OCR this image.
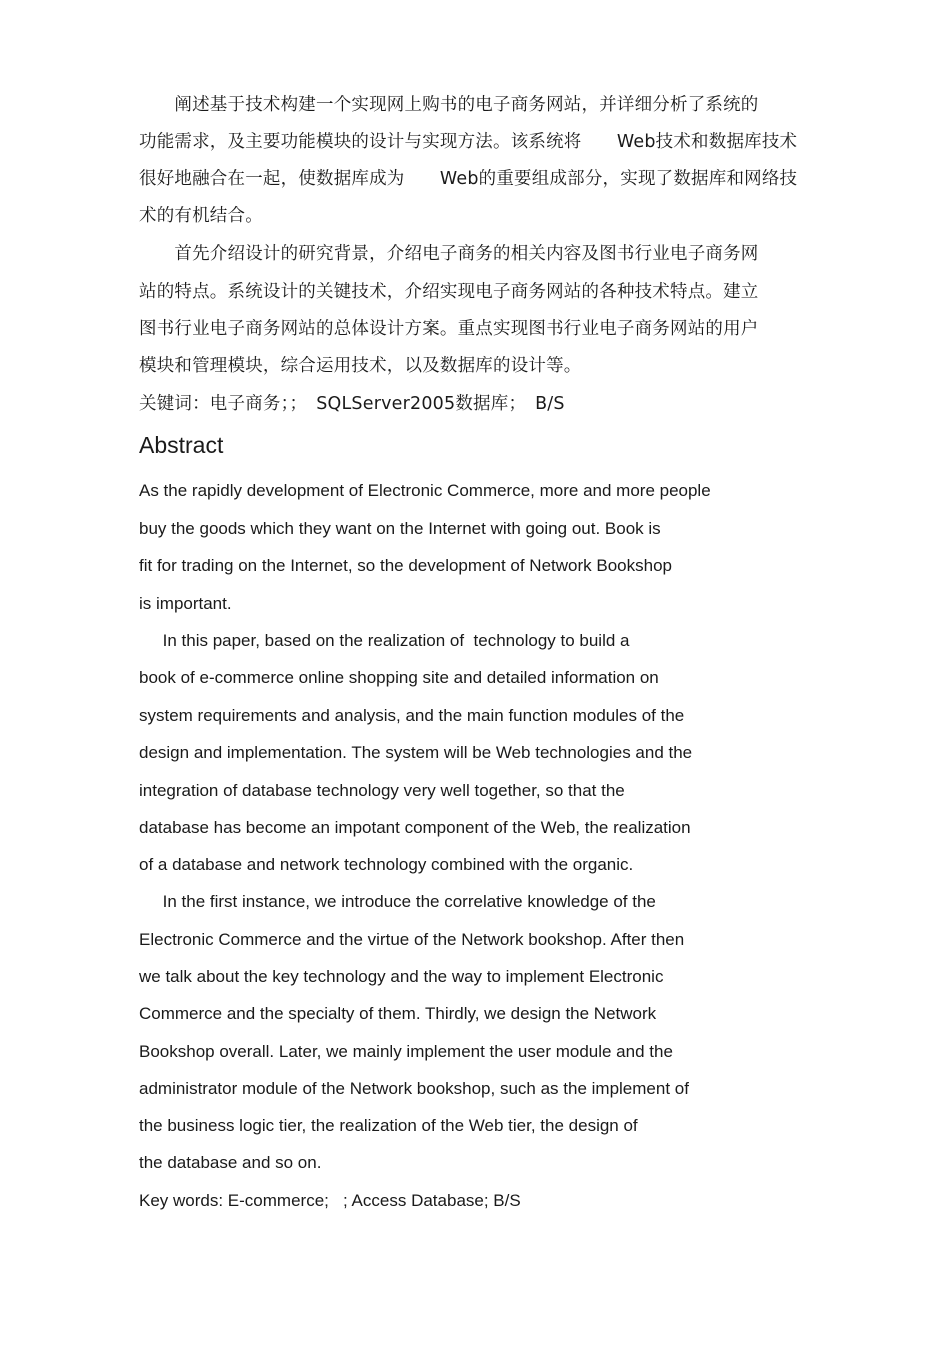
　　阐述基于技术构建一个实现网上购书的电子商务网站，并详细分析了系统的
功能需求，及主要功能模块的设计与实现方法。该系统将　　Web技术和数据库技术
很好地融合在一起，使数据库成为　　Web的重要组成部分，实现了数据库和网络技
术的有机结合。
　　首先介绍设计的研究背景，介绍电子商务的相关内容及图书行业电子商务网
站的特点。系统设计的关键技术，介绍实现电子商务网站的各种技术特点。建立
图书行业电子商务网站的总体设计方案。重点实现图书行业电子商务网站的用户
模块和管理模块，综合运用技术，以及数据库的设计等。
关键词：电子商务；；　SQLServer2005数据库；　B/S
Abstract
As the rapidly development of Electronic Commerce, more and more people
buy the goods which they want on the Internet with going out. Book is
fit for trading on the Internet, so the development of Network Bookshop
is important.
In this paper, based on the realization of  technology to build a
book of e-commerce online shopping site and detailed information on
system requirements and analysis, and the main function modules of the
design and implementation. The system will be Web technologies and the
integration of database technology very well together, so that the
database has become an impotant component of the Web, the realization
of a database and network technology combined with the organic.
In the first instance, we introduce the correlative knowledge of the
Electronic Commerce and the virtue of the Network bookshop. After then
we talk about the key technology and the way to implement Electronic
Commerce and the specialty of them. Thirdly, we design the Network
Bookshop overall. Later, we mainly implement the user module and the
administrator module of the Network bookshop, such as the implement of
the business logic tier, the realization of the Web tier, the design of
the database and so on.
Key words: E-commerce;   ; Access Database; B/S
